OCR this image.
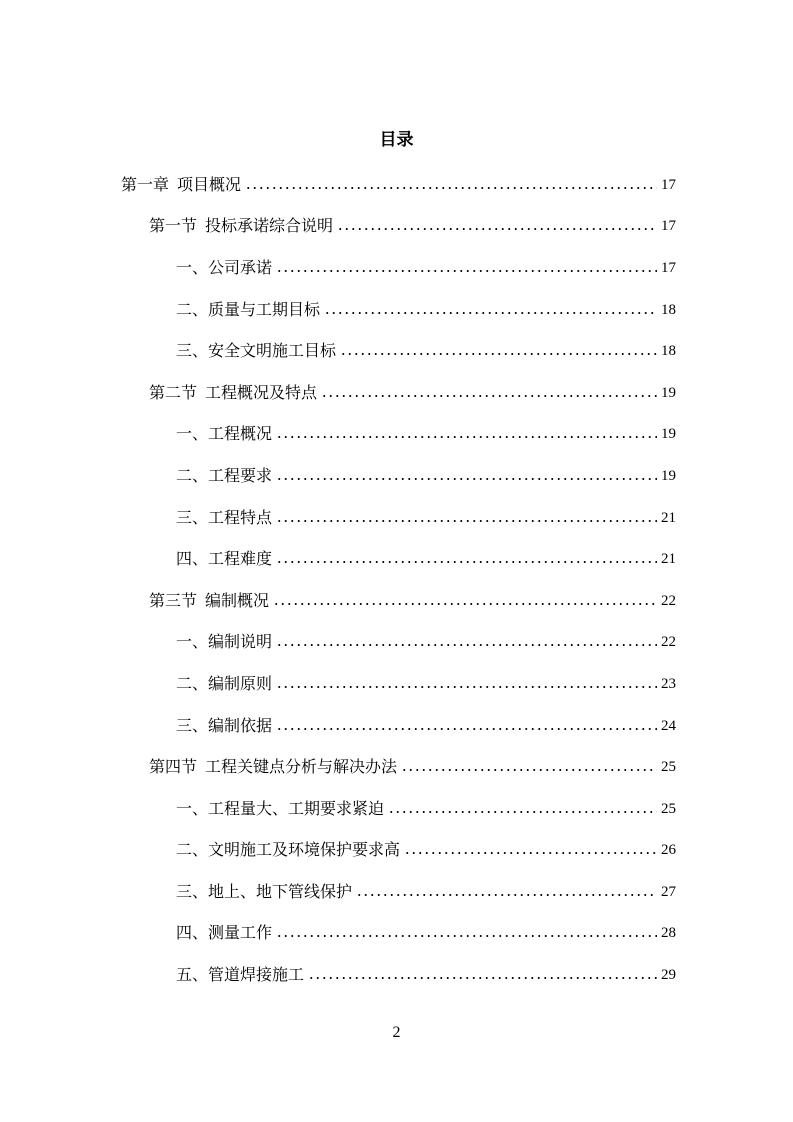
目录
第一章 项目概况	17
第一节 投标承诺综合说明	17
一、公司承诺	17
二、质量与工期目标	18
三、安全文明施工目标	18
第二节 工程概况及特点	19
一、工程概况	19
二、工程要求	19
三、工程特点	21
四、工程难度	21
第三节 编制概况	22
一、编制说明	22
二、编制原则	23
三、编制依据	24
第四节 工程关键点分析与解决办法	25
一、工程量大、工期要求紧迫	25
二、文明施工及环境保护要求高	26
三、地上、地下管线保护	27
四、测量工作	28
五、管道焊接施工	29
2
